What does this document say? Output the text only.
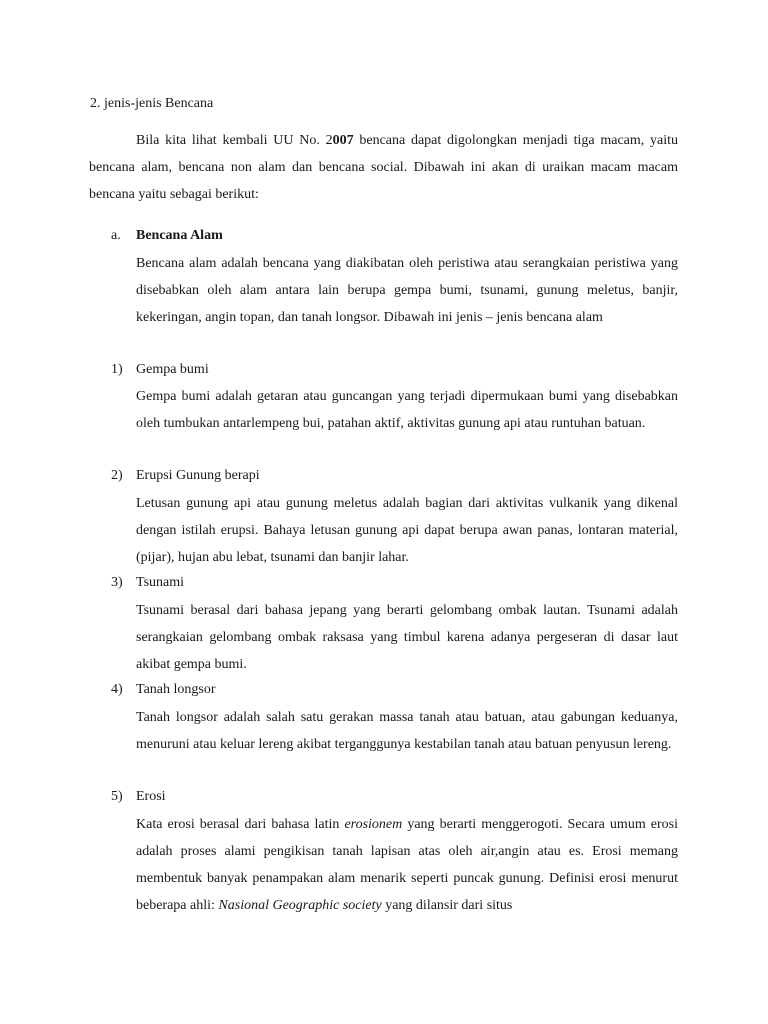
2. jenis-jenis Bencana

Bila kita lihat kembali UU No. 2007 bencana dapat digolongkan menjadi tiga macam, yaitu bencana alam, bencana non alam dan bencana social. Dibawah ini akan di uraikan macam macam bencana yaitu sebagai berikut:

a. Bencana Alam

Bencana alam adalah bencana yang diakibatan oleh peristiwa atau serangkaian peristiwa yang disebabkan oleh alam antara lain berupa gempa bumi, tsunami, gunung meletus, banjir, kekeringan, angin topan, dan tanah longsor. Dibawah ini jenis – jenis bencana alam

1) Gempa bumi

Gempa bumi adalah getaran atau guncangan yang terjadi dipermukaan bumi yang disebabkan oleh tumbukan antarlempeng bui, patahan aktif, aktivitas gunung api atau runtuhan batuan.

2) Erupsi Gunung berapi

Letusan gunung api atau gunung meletus adalah bagian dari aktivitas vulkanik yang dikenal dengan istilah erupsi. Bahaya letusan gunung api dapat berupa awan panas, lontaran material, (pijar), hujan abu lebat, tsunami dan banjir lahar.

3) Tsunami

Tsunami berasal dari bahasa jepang yang berarti gelombang ombak lautan. Tsunami adalah serangkaian gelombang ombak raksasa yang timbul karena adanya pergeseran di dasar laut akibat gempa bumi.

4) Tanah longsor

Tanah longsor adalah salah satu gerakan massa tanah atau batuan, atau gabungan keduanya, menuruni atau keluar lereng akibat terganggunya kestabilan tanah atau batuan penyusun lereng.

5) Erosi

Kata erosi berasal dari bahasa latin erosionem yang berarti menggerogoti. Secara umum erosi adalah proses alami pengikisan tanah lapisan atas oleh air,angin atau es. Erosi memang membentuk banyak penampakan alam menarik seperti puncak gunung. Definisi erosi menurut beberapa ahli: Nasional Geographic society yang dilansir dari situs
